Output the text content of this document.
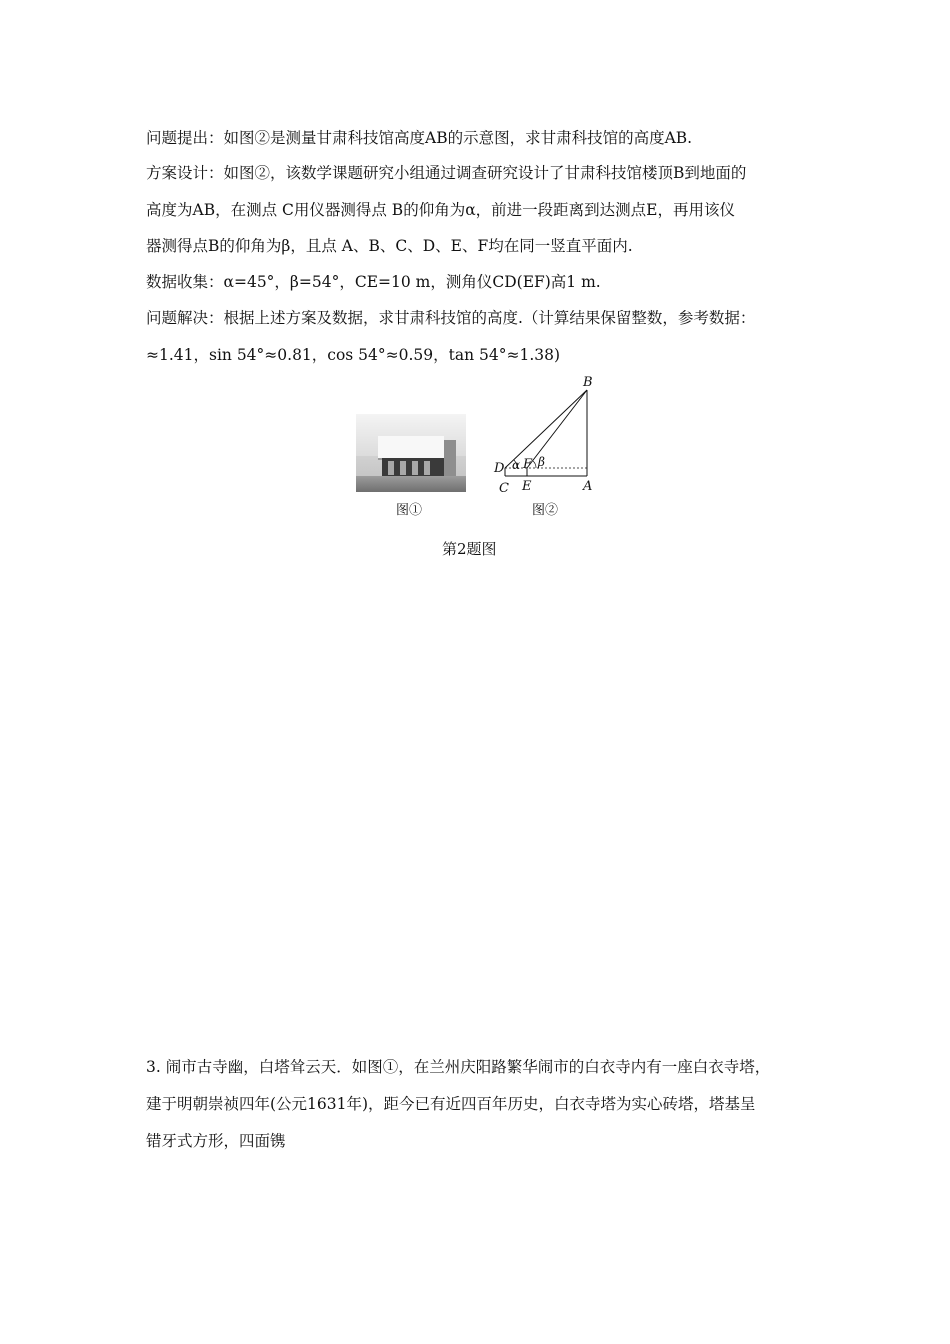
问题提出：如图②是测量甘肃科技馆高度AB的示意图，求甘肃科技馆的高度AB.
方案设计：如图②，该数学课题研究小组通过调查研究设计了甘肃科技馆楼顶B到地面的
高度为AB，在测点 C用仪器测得点 B的仰角为α，前进一段距离到达测点E，再用该仪
器测得点B的仰角为β，且点 A、B、C、D、E、F均在同一竖直平面内.
数据收集：α=45°，β=54°，CE=10 m，测角仪CD(EF)高1 m.
问题解决：根据上述方案及数据，求甘肃科技馆的高度.（计算结果保留整数，参考数据：
≈1.41，sin 54°≈0.81，cos 54°≈0.59，tan 54°≈1.38)
B
D α F β
C E	A
图①	图②
第2题图
3. 闹市古寺幽，白塔耸云天．如图①，在兰州庆阳路繁华闹市的白衣寺内有一座白衣寺塔，
建于明朝崇祯四年(公元1631年)，距今已有近四百年历史，白衣寺塔为实心砖塔，塔基呈
错牙式方形，四面镌
